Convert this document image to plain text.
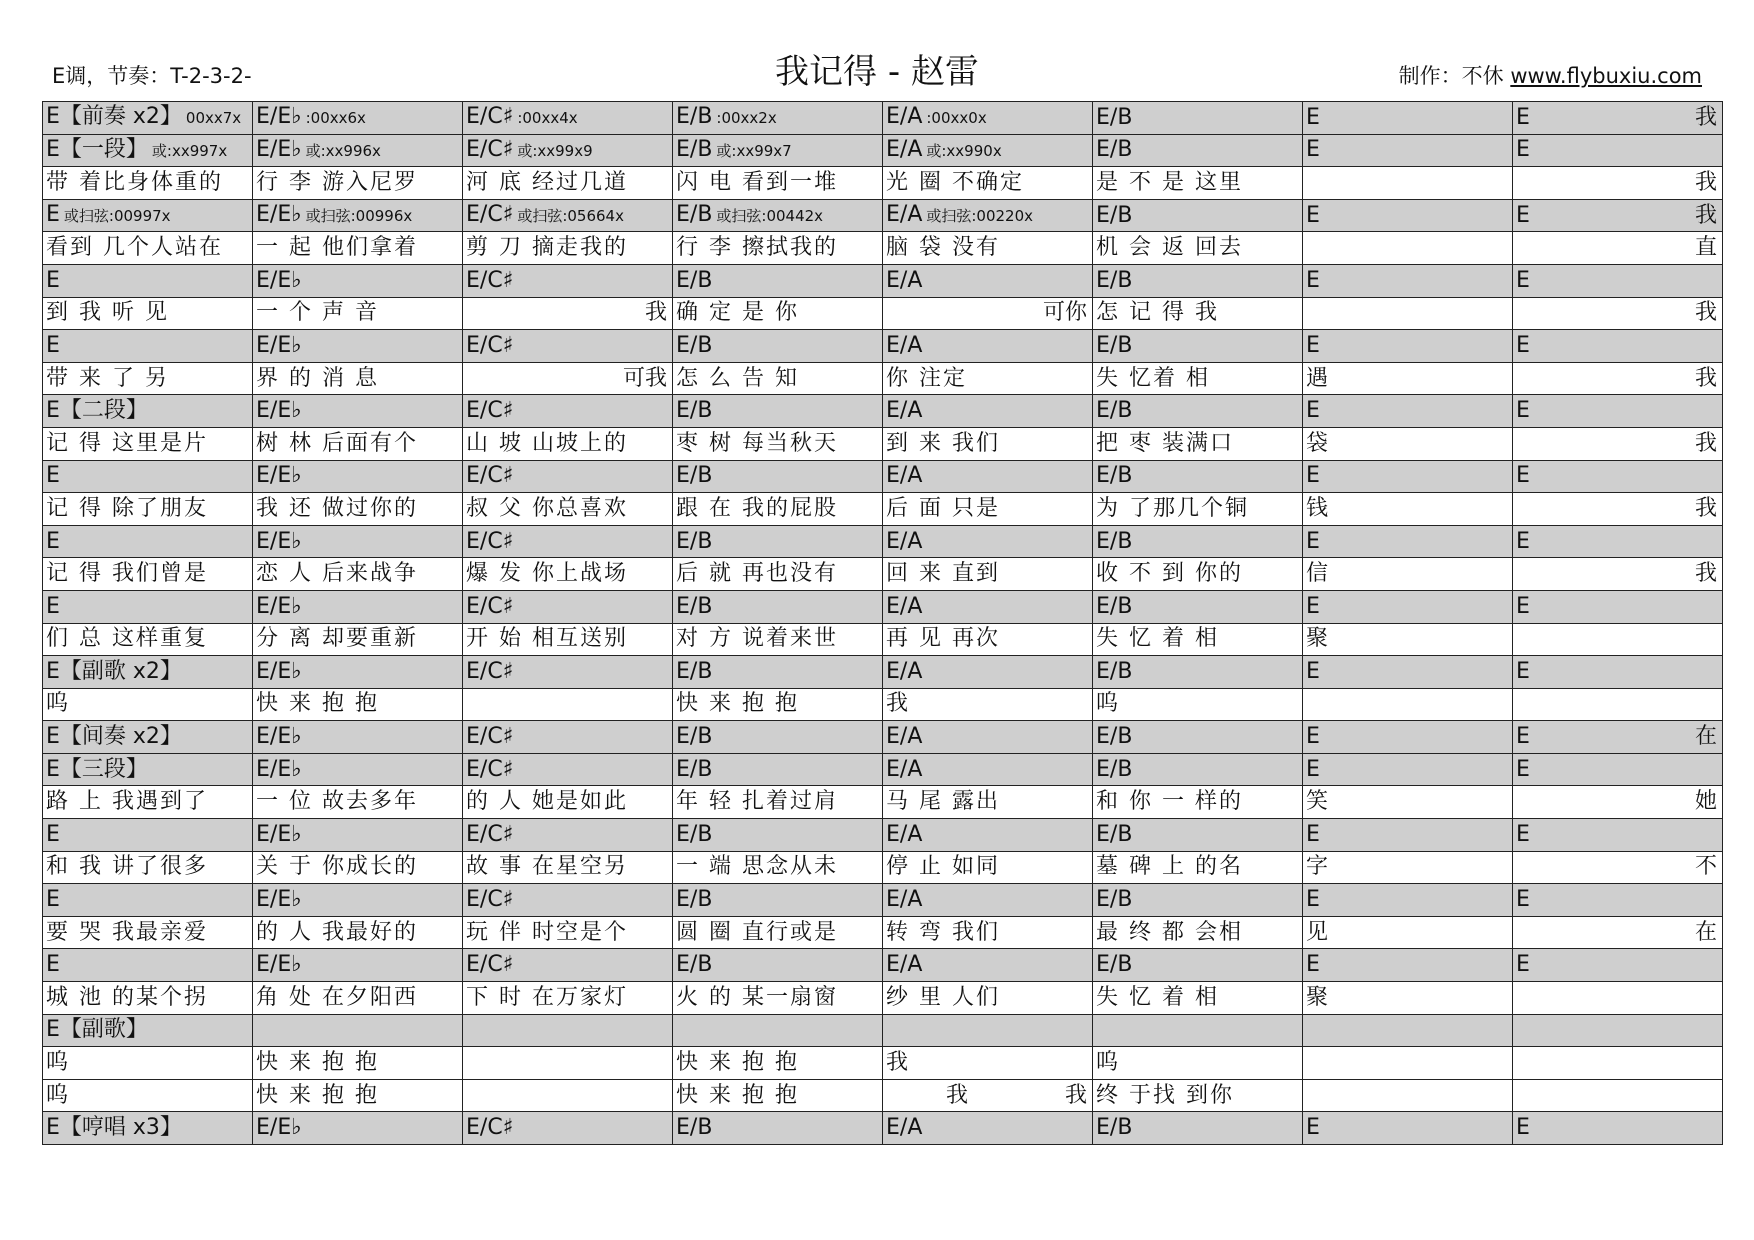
E调，节奏：T-2-3-2-	我记得 - 赵雷	制作：不休 www.flybuxiu.com
E【前奏 x2】 00xx7x	E/E♭ :00xx6x	E/C♯ :00xx4x	E/B :00xx2x	E/A :00xx0x	E/B	E	E 我

E【一段】 或:xx997x	E/E♭ 或:xx996x	E/C♯ 或:xx99x9	E/B 或:xx99x7	E/A 或:xx990x	E/B	E	E

带 着比身体重的	行 李 游入尼罗	河 底 经过几道	闪 电 看到一堆	光 圈 不确定	是 不 是 这里		我

E 或扫弦:00997x	E/E♭ 或扫弦:00996x	E/C♯ 或扫弦:05664x	E/B 或扫弦:00442x	E/A 或扫弦:00220x	E/B	E	E 我

看到 几个人站在	一 起 他们拿着	剪 刀 摘走我的	行 李 擦拭我的	脑 袋 没有	机 会 返 回去		直

E	E/E♭	E/C♯	E/B	E/A	E/B	E	E

到 我 听 见	一 个 声 音	我	确 定 是 你	可你	怎 记 得 我		我

E	E/E♭	E/C♯	E/B	E/A	E/B	E	E

带 来 了 另	界 的 消 息	可我	怎 么 告 知	你 注定	失 忆着 相	遇	我

E【二段】	E/E♭	E/C♯	E/B	E/A	E/B	E	E

记 得 这里是片	树 林 后面有个	山 坡 山坡上的	枣 树 每当秋天	到 来 我们	把 枣 装满口	袋	我

E	E/E♭	E/C♯	E/B	E/A	E/B	E	E

记 得 除了朋友	我 还 做过你的	叔 父 你总喜欢	跟 在 我的屁股	后 面 只是	为 了那几个铜	钱	我

E	E/E♭	E/C♯	E/B	E/A	E/B	E	E

记 得 我们曾是	恋 人 后来战争	爆 发 你上战场	后 就 再也没有	回 来 直到	收 不 到 你的	信	我

E	E/E♭	E/C♯	E/B	E/A	E/B	E	E

们 总 这样重复	分 离 却要重新	开 始 相互送别	对 方 说着来世	再 见 再次	失 忆 着 相	聚	

E【副歌 x2】	E/E♭	E/C♯	E/B	E/A	E/B	E	E

呜	快 来 抱 抱		快 来 抱 抱	我	呜		

E【间奏 x2】	E/E♭	E/C♯	E/B	E/A	E/B	E	E 在

E【三段】	E/E♭	E/C♯	E/B	E/A	E/B	E	E

路 上 我遇到了	一 位 故去多年	的 人 她是如此	年 轻 扎着过肩	马 尾 露出	和 你 一 样的	笑	她

E	E/E♭	E/C♯	E/B	E/A	E/B	E	E

和 我 讲了很多	关 于 你成长的	故 事 在星空另	一 端 思念从未	停 止 如同	墓 碑 上 的名	字	不

E	E/E♭	E/C♯	E/B	E/A	E/B	E	E

要 哭 我最亲爱	的 人 我最好的	玩 伴 时空是个	圆 圈 直行或是	转 弯 我们	最 终 都 会相	见	在

E	E/E♭	E/C♯	E/B	E/A	E/B	E	E

城 池 的某个拐	角 处 在夕阳西	下 时 在万家灯	火 的 某一扇窗	纱 里 人们	失 忆 着 相	聚	

E【副歌】							

呜	快 来 抱 抱		快 来 抱 抱	我	呜		

呜	快 来 抱 抱		快 来 抱 抱	我 我	终 于找 到你		

E【哼唱 x3】	E/E♭	E/C♯	E/B	E/A	E/B	E	E
